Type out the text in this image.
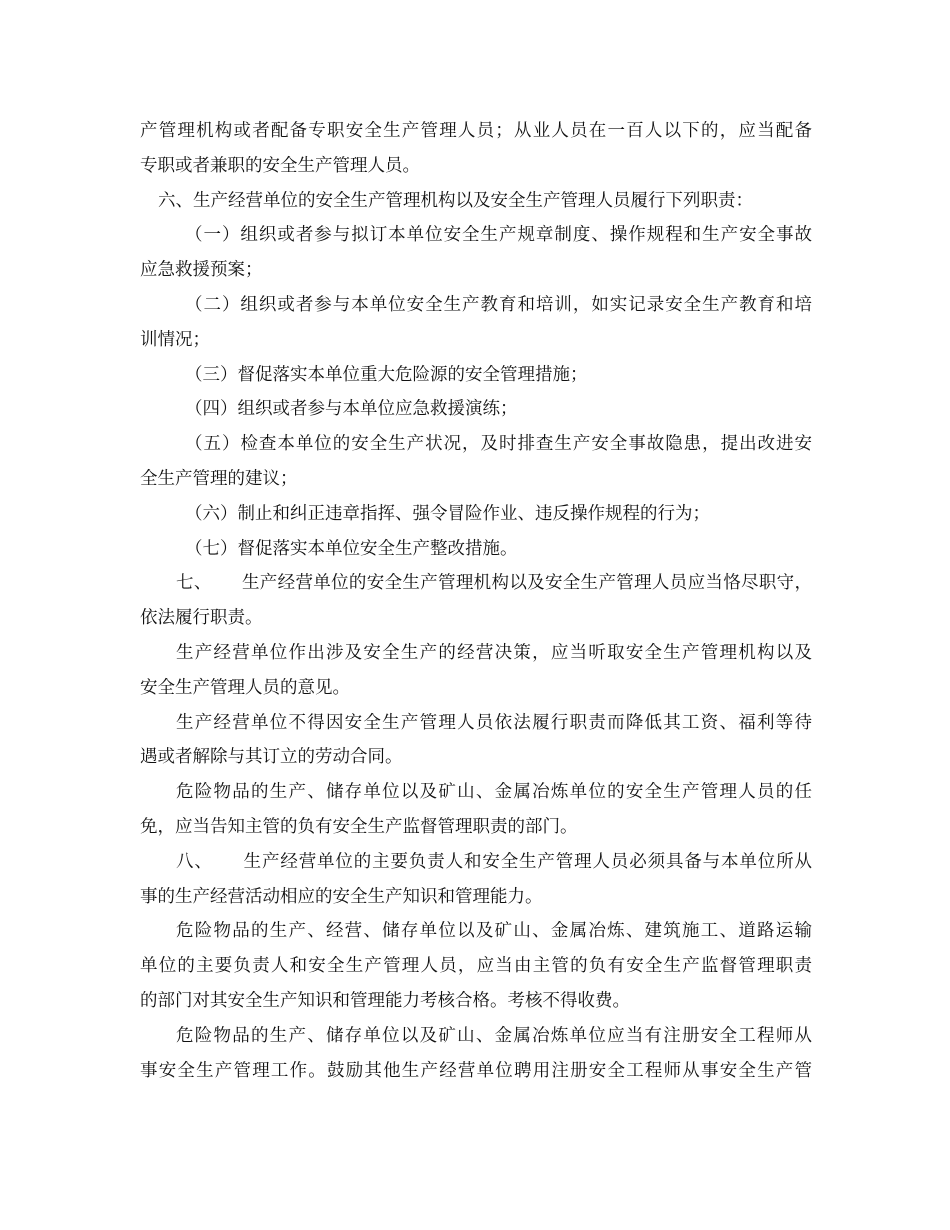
产管理机构或者配备专职安全生产管理人员；从业人员在一百人以下的，应当配备
专职或者兼职的安全生产管理人员。
六、生产经营单位的安全生产管理机构以及安全生产管理人员履行下列职责：
（一）组织或者参与拟订本单位安全生产规章制度、操作规程和生产安全事故
应急救援预案；
（二）组织或者参与本单位安全生产教育和培训，如实记录安全生产教育和培
训情况；
（三）督促落实本单位重大危险源的安全管理措施；
（四）组织或者参与本单位应急救援演练；
（五）检查本单位的安全生产状况，及时排查生产安全事故隐患，提出改进安
全生产管理的建议；
（六）制止和纠正违章指挥、强令冒险作业、违反操作规程的行为；
（七）督促落实本单位安全生产整改措施。
七、 生产经营单位的安全生产管理机构以及安全生产管理人员应当恪尽职守，
依法履行职责。
生产经营单位作出涉及安全生产的经营决策，应当听取安全生产管理机构以及
安全生产管理人员的意见。
生产经营单位不得因安全生产管理人员依法履行职责而降低其工资、福利等待
遇或者解除与其订立的劳动合同。
危险物品的生产、储存单位以及矿山、金属冶炼单位的安全生产管理人员的任
免，应当告知主管的负有安全生产监督管理职责的部门。
八、 生产经营单位的主要负责人和安全生产管理人员必须具备与本单位所从
事的生产经营活动相应的安全生产知识和管理能力。
危险物品的生产、经营、储存单位以及矿山、金属冶炼、建筑施工、道路运输
单位的主要负责人和安全生产管理人员，应当由主管的负有安全生产监督管理职责
的部门对其安全生产知识和管理能力考核合格。考核不得收费。
危险物品的生产、储存单位以及矿山、金属冶炼单位应当有注册安全工程师从
事安全生产管理工作。鼓励其他生产经营单位聘用注册安全工程师从事安全生产管
